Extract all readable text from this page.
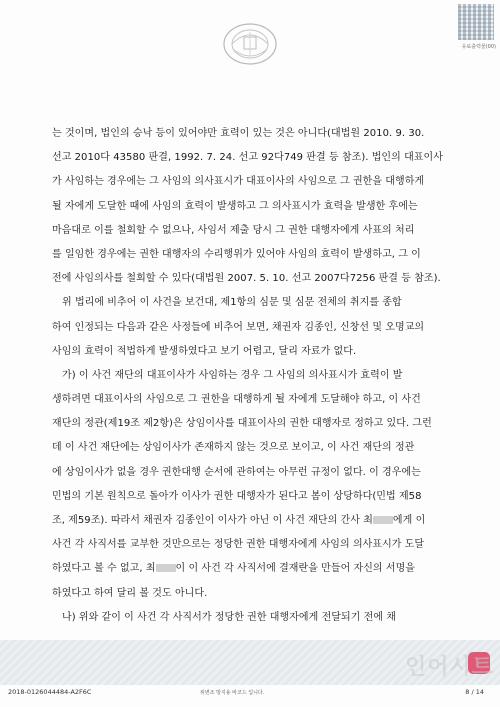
유료출력물(00)
는 것이며, 법인의 승낙 등이 있어야만 효력이 있는 것은 아니다(대법원 2010. 9. 30.
선고 2010다 43580 판결, 1992. 7. 24. 선고 92다749 판결 등 참조). 법인의 대표이사
가 사임하는 경우에는 그 사임의 의사표시가 대표이사의 사임으로 그 권한을 대행하게
될 자에게 도달한 때에 사임의 효력이 발생하고 그 의사표시가 효력을 발생한 후에는
마음대로 이를 철회할 수 없으나, 사임서 제출 당시 그 권한 대행자에게 사표의 처리
를 일임한 경우에는 권한 대행자의 수리행위가 있어야 사임의 효력이 발생하고, 그 이
전에 사임의사를 철회할 수 있다(대법원 2007. 5. 10. 선고 2007다7256 판결 등 참조).
위 법리에 비추어 이 사건을 보건대, 제1항의 심문 및 심문 전체의 취지를 종합
하여 인정되는 다음과 같은 사정들에 비추어 보면, 채권자 김종인, 신창선 및 오명교의
사임의 효력이 적법하게 발생하였다고 보기 어렵고, 달리 자료가 없다.
가) 이 사건 재단의 대표이사가 사임하는 경우 그 사임의 의사표시가 효력이 발
생하려면 대표이사의 사임으로 그 권한을 대행하게 될 자에게 도달해야 하고, 이 사건
재단의 정관(제19조 제2항)은 상임이사를 대표이사의 권한 대행자로 정하고 있다. 그런
데 이 사건 재단에는 상임이사가 존재하지 않는 것으로 보이고, 이 사건 재단의 정관
에 상임이사가 없을 경우 권한대행 순서에 관하여는 아무런 규정이 없다. 이 경우에는
민법의 기본 원칙으로 돌아가 이사가 권한 대행자가 된다고 봄이 상당하다(민법 제58
조, 제59조). 따라서 채권자 김종인이 이사가 아닌 이 사건 재단의 간사 최 에게 이
사건 각 사직서를 교부한 것만으로는 정당한 권한 대행자에게 사임의 의사표시가 도달
하였다고 볼 수 없고, 최 이 이 사건 각 사직서에 결재란을 만들어 자신의 서명을
하였다고 하여 달리 볼 것도 아니다.
나) 위와 같이 이 사건 각 사직서가 정당한 권한 대행자에게 전달되기 전에 채
인어시트
2018-0126044484-A2F6C	위변조 방지용 바코드 입니다.	8 / 14
